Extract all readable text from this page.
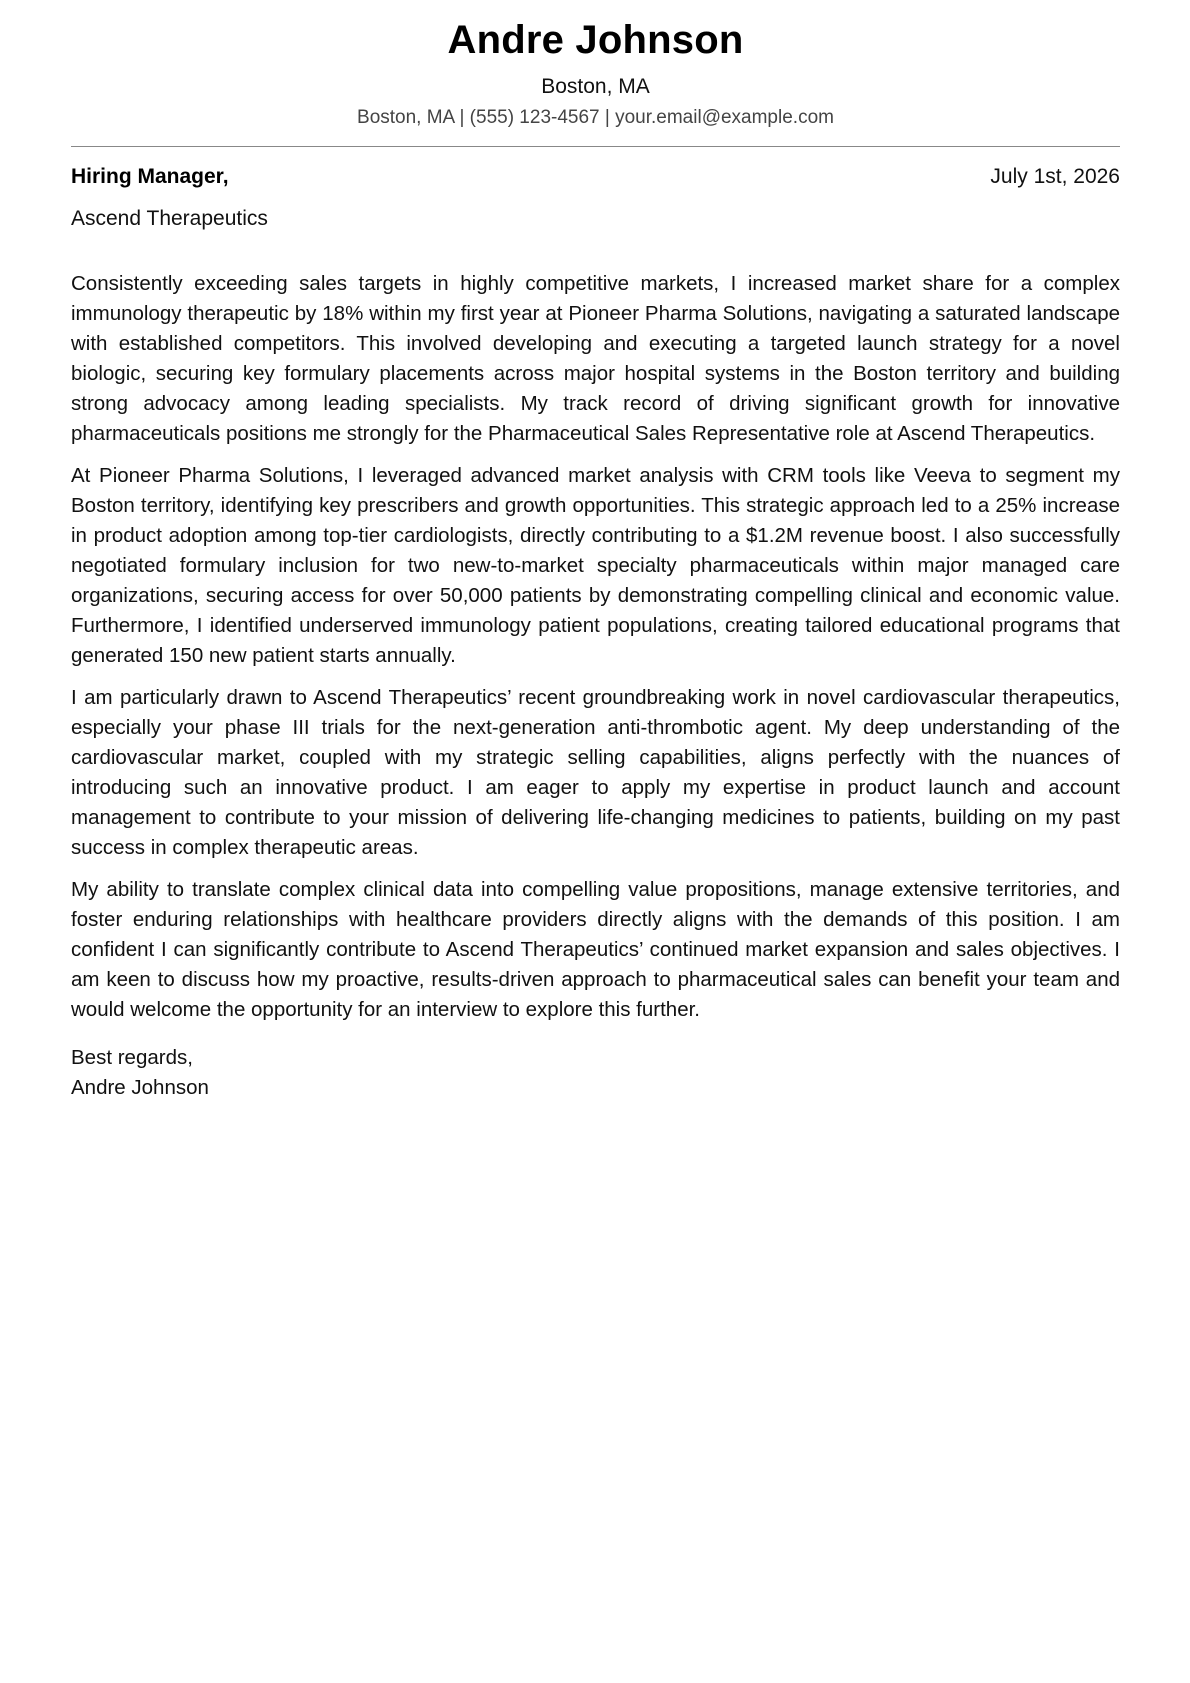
Andre Johnson
Boston, MA
Boston, MA | (555) 123-4567 | your.email@example.com
Hiring Manager,	July 1st, 2026
Ascend Therapeutics

Consistently exceeding sales targets in highly competitive markets, I increased market share for a complex immunology therapeutic by 18% within my first year at Pioneer Pharma Solutions, navigating a saturated landscape with established competitors. This involved developing and executing a targeted launch strategy for a novel biologic, securing key formulary placements across major hospital systems in the Boston territory and building strong advocacy among leading specialists. My track record of driving significant growth for innovative pharmaceuticals positions me strongly for the Pharmaceutical Sales Representative role at Ascend Therapeutics.

At Pioneer Pharma Solutions, I leveraged advanced market analysis with CRM tools like Veeva to segment my Boston territory, identifying key prescribers and growth opportunities. This strategic approach led to a 25% increase in product adoption among top-tier cardiologists, directly contributing to a $1.2M revenue boost. I also successfully negotiated formulary inclusion for two new-to-market specialty pharmaceuticals within major managed care organizations, securing access for over 50,000 patients by demonstrating compelling clinical and economic value. Furthermore, I identified underserved immunology patient populations, creating tailored educational programs that generated 150 new patient starts annually.

I am particularly drawn to Ascend Therapeutics’ recent groundbreaking work in novel cardiovascular therapeutics, especially your phase III trials for the next-generation anti-thrombotic agent. My deep understanding of the cardiovascular market, coupled with my strategic selling capabilities, aligns perfectly with the nuances of introducing such an innovative product. I am eager to apply my expertise in product launch and account management to contribute to your mission of delivering life-changing medicines to patients, building on my past success in complex therapeutic areas.

My ability to translate complex clinical data into compelling value propositions, manage extensive territories, and foster enduring relationships with healthcare providers directly aligns with the demands of this position. I am confident I can significantly contribute to Ascend Therapeutics’ continued market expansion and sales objectives. I am keen to discuss how my proactive, results-driven approach to pharmaceutical sales can benefit your team and would welcome the opportunity for an interview to explore this further.

Best regards,
Andre Johnson
